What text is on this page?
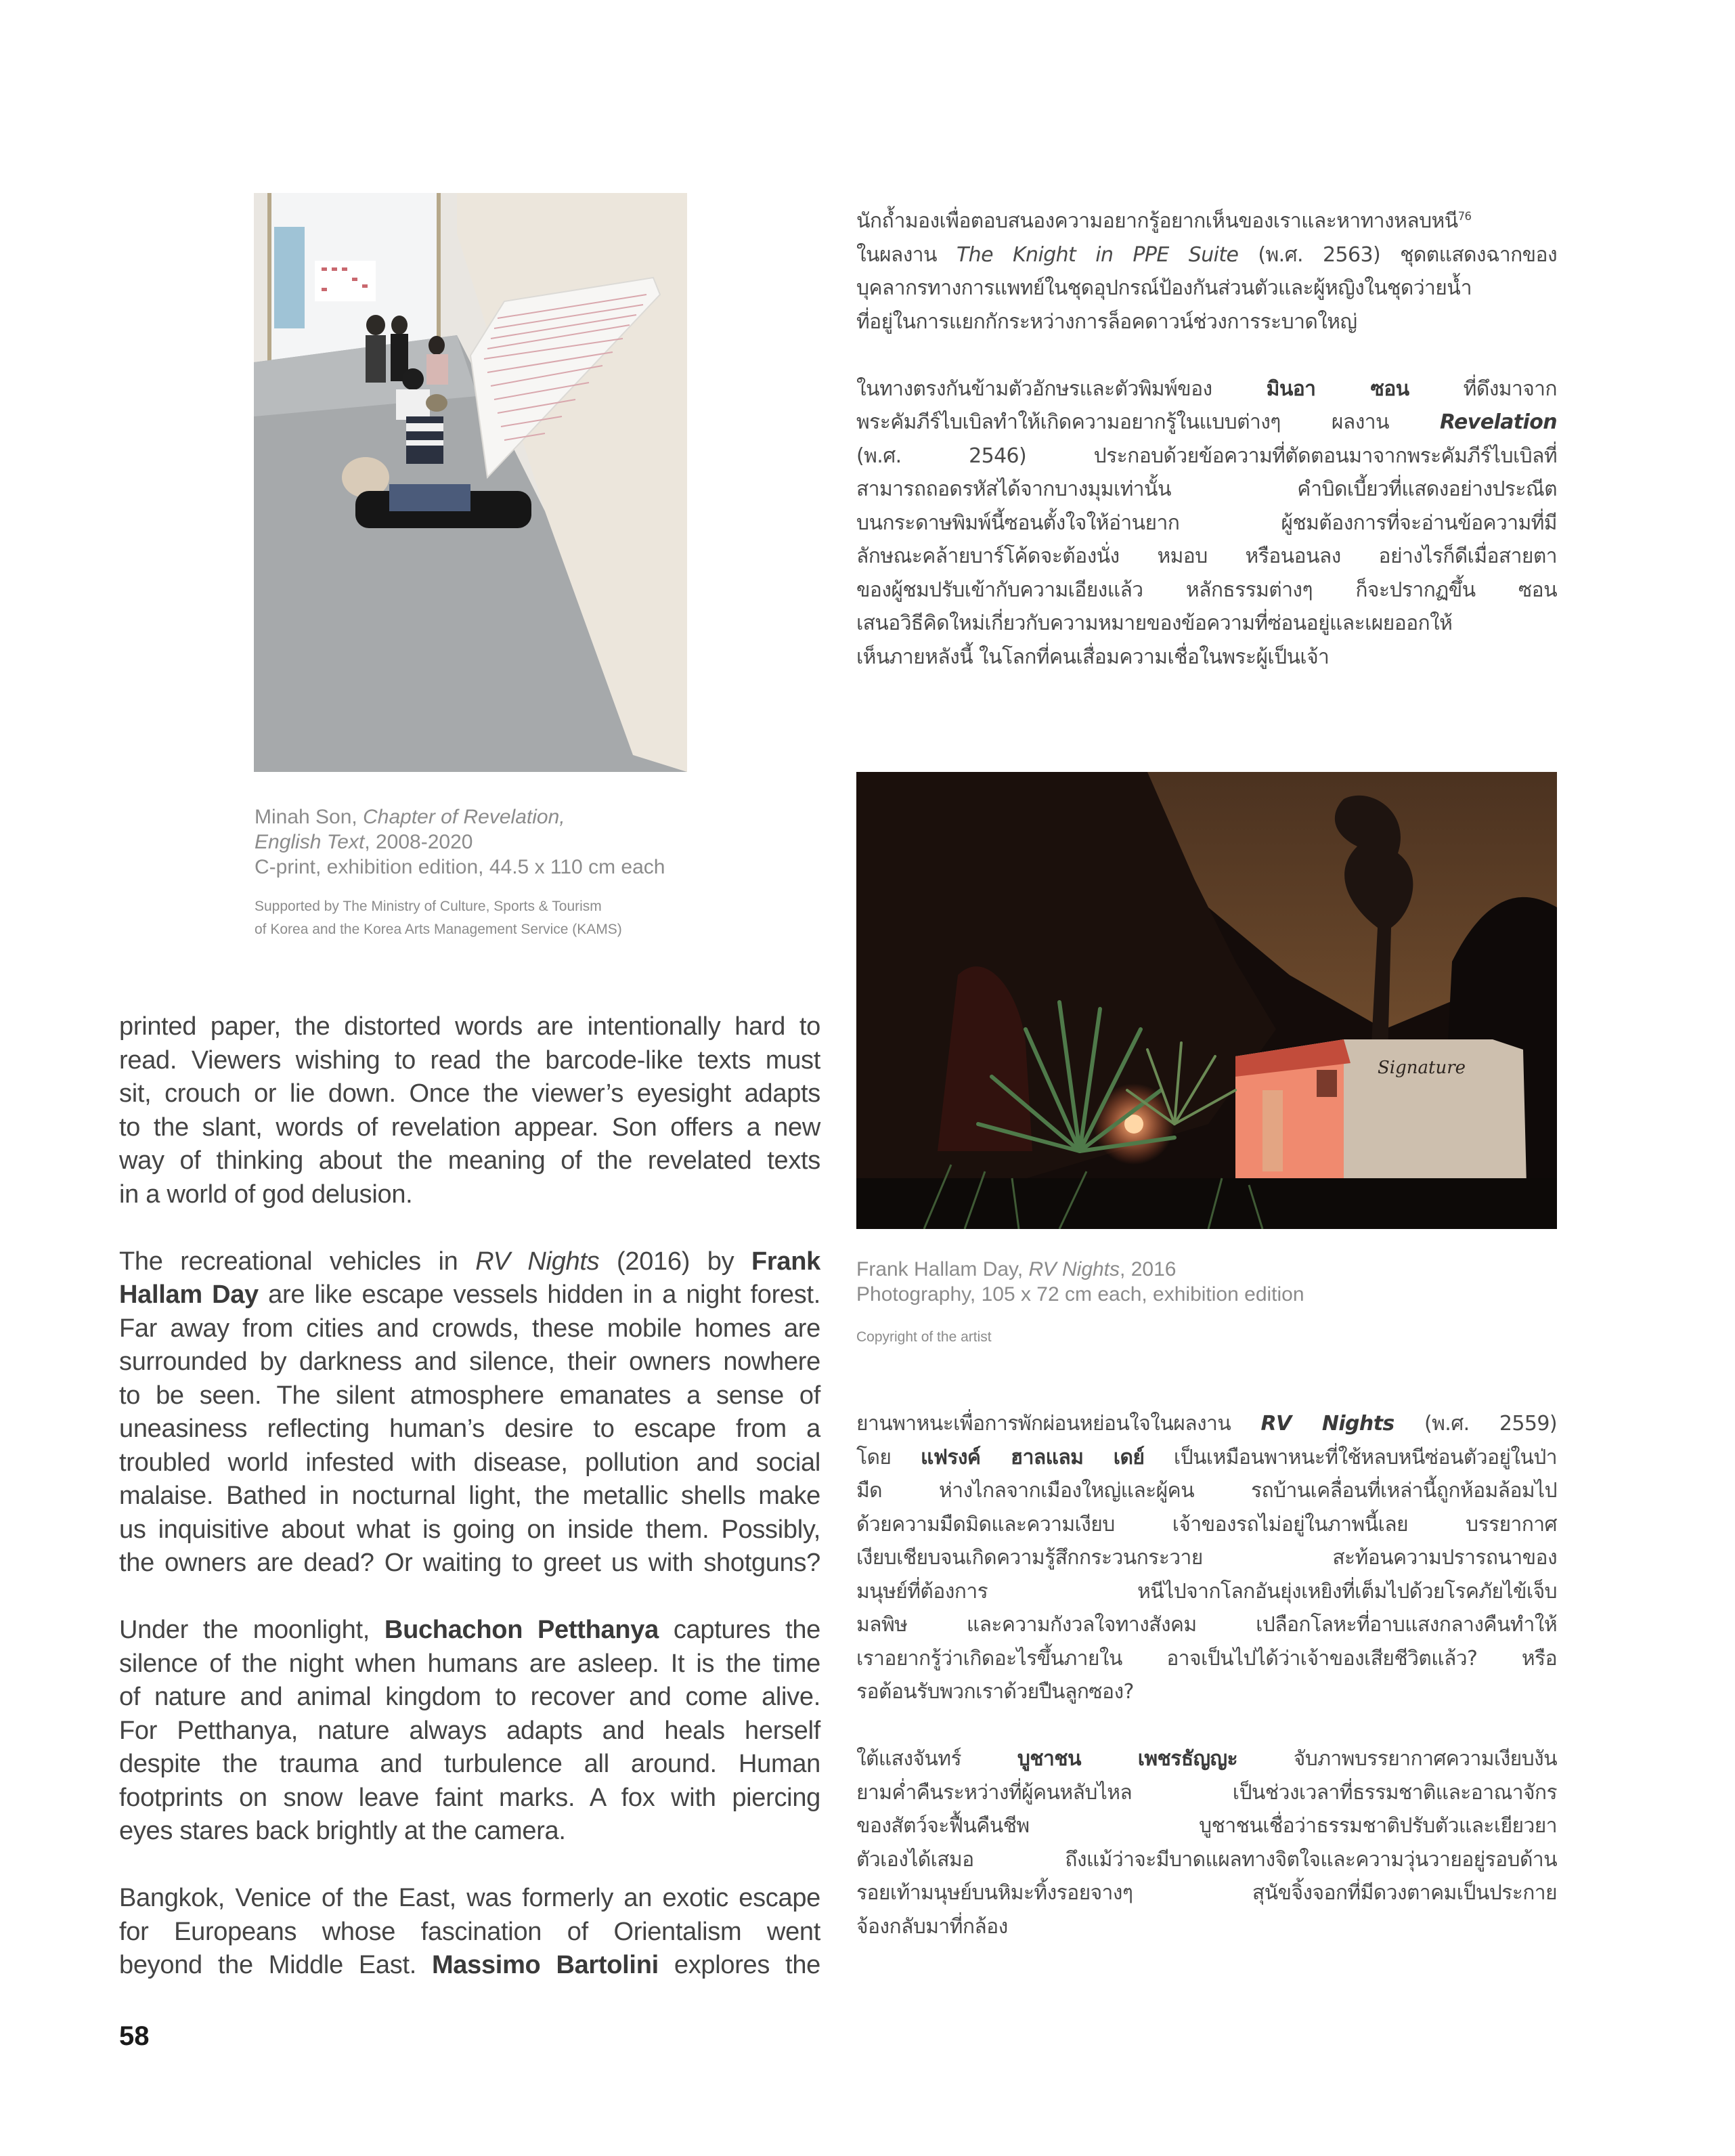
Minah Son, Chapter of Revelation,
English Text, 2008-2020
C-print, exhibition edition, 44.5 x 110 cm each
Supported by The Ministry of Culture, Sports & Tourism
of Korea and the Korea Arts Management Service (KAMS)
นักถ้ำมองเพื่อตอบสนองความอยากรู้อยากเห็นของเราและหาทางหลบหนี$^{76}$
ในผลงาน The Knight in PPE Suite (พ.ศ. 2563) ชุดตแสดงฉากของ
บุคลากรทางการแพทย์ในชุดอุปกรณ์ป้องกันส่วนตัวและผู้หญิงในชุดว่ายน้ำ
ที่อยู่ในการแยกกักระหว่างการล็อคดาวน์ช่วงการระบาดใหญ่
ในทางตรงกันข้ามตัวอักษรและตัวพิมพ์ของ มินอา ซอน ที่ดึงมาจาก
พระคัมภีร์ไบเบิลทำให้เกิดความอยากรู้ในแบบต่างๆ ผลงาน Revelation
(พ.ศ. 2546) ประกอบด้วยข้อความที่ตัดตอนมาจากพระคัมภีร์ไบเบิลที่
สามารถถอดรหัสได้จากบางมุมเท่านั้น คำบิดเบี้ยวที่แสดงอย่างประณีต
บนกระดาษพิมพ์นี้ซอนตั้งใจให้อ่านยาก ผู้ชมต้องการที่จะอ่านข้อความที่มี
ลักษณะคล้ายบาร์โค้ดจะต้องนั่ง หมอบ หรือนอนลง อย่างไรก็ดีเมื่อสายตา
ของผู้ชมปรับเข้ากับความเอียงแล้ว หลักธรรมต่างๆ ก็จะปรากฏขึ้น ซอน
เสนอวิธีคิดใหม่เกี่ยวกับความหมายของข้อความที่ซ่อนอยู่และเผยออกให้
เห็นภายหลังนี้ ในโลกที่คนเสื่อมความเชื่อในพระผู้เป็นเจ้า
Signature
Frank Hallam Day, RV Nights, 2016
Photography, 105 x 72 cm each, exhibition edition
Copyright of the artist
printed paper, the distorted words are intentionally hard to
read. Viewers wishing to read the barcode-like texts must
sit, crouch or lie down. Once the viewer’s eyesight adapts
to the slant, words of revelation appear. Son offers a new
way of thinking about the meaning of the revelated texts
in a world of god delusion.
The recreational vehicles in RV Nights (2016) by Frank
Hallam Day are like escape vessels hidden in a night forest.
Far away from cities and crowds, these mobile homes are
surrounded by darkness and silence, their owners nowhere
to be seen. The silent atmosphere emanates a sense of
uneasiness reflecting human’s desire to escape from a
troubled world infested with disease, pollution and social
malaise. Bathed in nocturnal light, the metallic shells make
us inquisitive about what is going on inside them. Possibly,
the owners are dead? Or waiting to greet us with shotguns?
Under the moonlight, Buchachon Petthanya captures the
silence of the night when humans are asleep. It is the time
of nature and animal kingdom to recover and come alive.
For Petthanya, nature always adapts and heals herself
despite the trauma and turbulence all around. Human
footprints on snow leave faint marks. A fox with piercing
eyes stares back brightly at the camera.
Bangkok, Venice of the East, was formerly an exotic escape
for Europeans whose fascination of Orientalism went
beyond the Middle East. Massimo Bartolini explores the
ยานพาหนะเพื่อการพักผ่อนหย่อนใจในผลงาน RV Nights (พ.ศ. 2559)
โดย แฟรงค์ ฮาลแลม เดย์ เป็นเหมือนพาหนะที่ใช้หลบหนีซ่อนตัวอยู่ในป่า
มืด ห่างไกลจากเมืองใหญ่และผู้คน รถบ้านเคลื่อนที่เหล่านี้ถูกห้อมล้อมไป
ด้วยความมืดมิดและความเงียบ เจ้าของรถไม่อยู่ในภาพนี้เลย บรรยากาศ
เงียบเชียบจนเกิดความรู้สึกกระวนกระวาย สะท้อนความปรารถนาของ
มนุษย์ที่ต้องการ หนีไปจากโลกอันยุ่งเหยิงที่เต็มไปด้วยโรคภัยไข้เจ็บ
มลพิษ และความกังวลใจทางสังคม เปลือกโลหะที่อาบแสงกลางคืนทำให้
เราอยากรู้ว่าเกิดอะไรขึ้นภายใน อาจเป็นไปได้ว่าเจ้าของเสียชีวิตแล้ว? หรือ
รอต้อนรับพวกเราด้วยปืนลูกซอง?
ใต้แสงจันทร์ บูชาชน เพชรธัญญะ จับภาพบรรยากาศความเงียบงัน
ยามค่ำคืนระหว่างที่ผู้คนหลับไหล เป็นช่วงเวลาที่ธรรมชาติและอาณาจักร
ของสัตว์จะฟื้นคืนชีพ บูชาชนเชื่อว่าธรรมชาติปรับตัวและเยียวยา
ตัวเองได้เสมอ ถึงแม้ว่าจะมีบาดแผลทางจิตใจและความวุ่นวายอยู่รอบด้าน
รอยเท้ามนุษย์บนหิมะทิ้งรอยจางๆ สุนัขจิ้งจอกที่มีดวงตาคมเป็นประกาย
จ้องกลับมาที่กล้อง
58
